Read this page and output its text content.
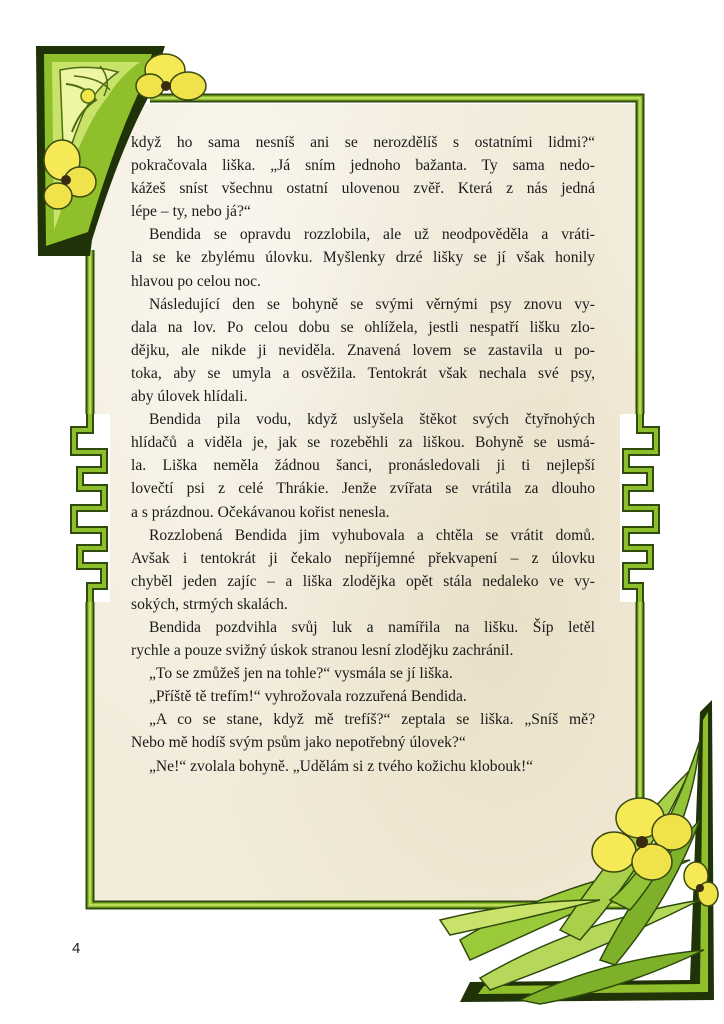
když ho sama nesníš ani se nerozdělíš s ostatními lidmi?“
pokračovala liška. „Já sním jednoho bažanta. Ty sama nedo-
kážeš sníst všechnu ostatní ulovenou zvěř. Která z nás jedná
lépe – ty, nebo já?“
Bendida se opravdu rozzlobila, ale už neodpověděla a vráti-
la se ke zbylému úlovku. Myšlenky drzé lišky se jí však honily
hlavou po celou noc.
Následující den se bohyně se svými věrnými psy znovu vy-
dala na lov. Po celou dobu se ohlížela, jestli nespatří lišku zlo-
dějku, ale nikde ji neviděla. Znavená lovem se zastavila u po-
toka, aby se umyla a osvěžila. Tentokrát však nechala své psy,
aby úlovek hlídali.
Bendida pila vodu, když uslyšela štěkot svých čtyřnohých
hlídačů a viděla je, jak se rozeběhli za liškou. Bohyně se usmá-
la. Liška neměla žádnou šanci, pronásledovali ji ti nejlepší
lovečtí psi z celé Thrákie. Jenže zvířata se vrátila za dlouho
a s prázdnou. Očekávanou kořist nenesla.
Rozzlobená Bendida jim vyhubovala a chtěla se vrátit domů.
Avšak i tentokrát ji čekalo nepříjemné překvapení – z úlovku
chyběl jeden zajíc – a liška zlodějka opět stála nedaleko ve vy-
sokých, strmých skalách.
Bendida pozdvihla svůj luk a namířila na lišku. Šíp letěl
rychle a pouze svižný úskok stranou lesní zlodějku zachránil.
„To se zmůžeš jen na tohle?“ vysmála se jí liška.
„Příště tě trefím!“ vyhrožovala rozzuřená Bendida.
„A co se stane, když mě trefíš?“ zeptala se liška. „Sníš mě?
Nebo mě hodíš svým psům jako nepotřebný úlovek?“
„Ne!“ zvolala bohyně. „Udělám si z tvého kožichu klobouk!“
4
